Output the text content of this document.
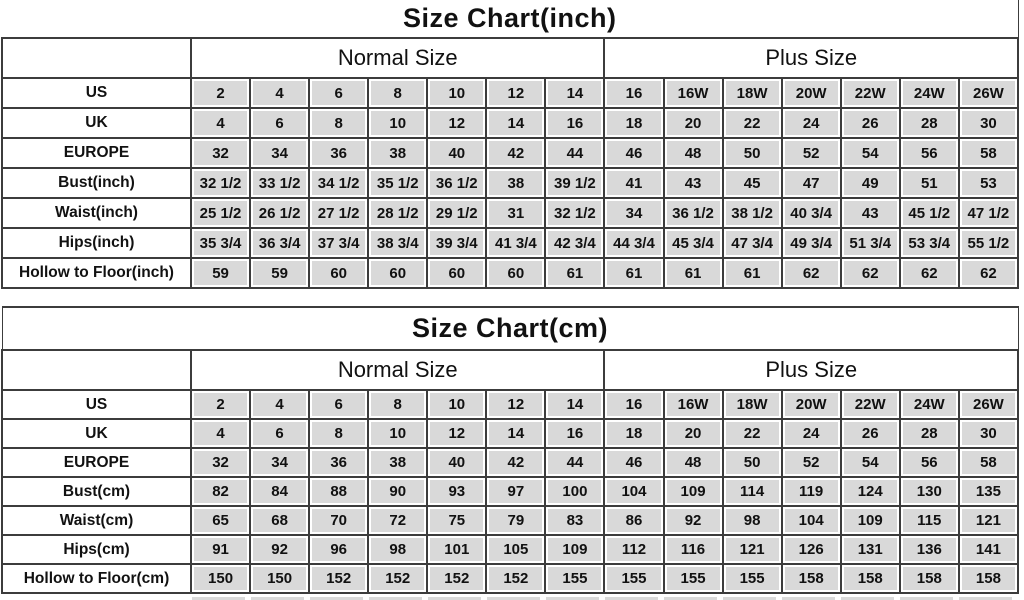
Size Chart(inch)														
	Normal Size							Plus Size						
US	2	4	6	8	10	12	14	16	16W	18W	20W	22W	24W	26W
UK	4	6	8	10	12	14	16	18	20	22	24	26	28	30
EUROPE	32	34	36	38	40	42	44	46	48	50	52	54	56	58
Bust(inch)	32 1/2	33 1/2	34 1/2	35 1/2	36 1/2	38	39 1/2	41	43	45	47	49	51	53
Waist(inch)	25 1/2	26 1/2	27 1/2	28 1/2	29 1/2	31	32 1/2	34	36 1/2	38 1/2	40 3/4	43	45 1/2	47 1/2
Hips(inch)	35 3/4	36 3/4	37 3/4	38 3/4	39 3/4	41 3/4	42 3/4	44 3/4	45 3/4	47 3/4	49 3/4	51 3/4	53 3/4	55 1/2
Hollow to Floor(inch)	59	59	60	60	60	60	61	61	61	61	62	62	62	62
Size Chart(cm)														
	Normal Size							Plus Size						
US	2	4	6	8	10	12	14	16	16W	18W	20W	22W	24W	26W
UK	4	6	8	10	12	14	16	18	20	22	24	26	28	30
EUROPE	32	34	36	38	40	42	44	46	48	50	52	54	56	58
Bust(cm)	82	84	88	90	93	97	100	104	109	114	119	124	130	135
Waist(cm)	65	68	70	72	75	79	83	86	92	98	104	109	115	121
Hips(cm)	91	92	96	98	101	105	109	112	116	121	126	131	136	141
Hollow to Floor(cm)	150	150	152	152	152	152	155	155	155	155	158	158	158	158
